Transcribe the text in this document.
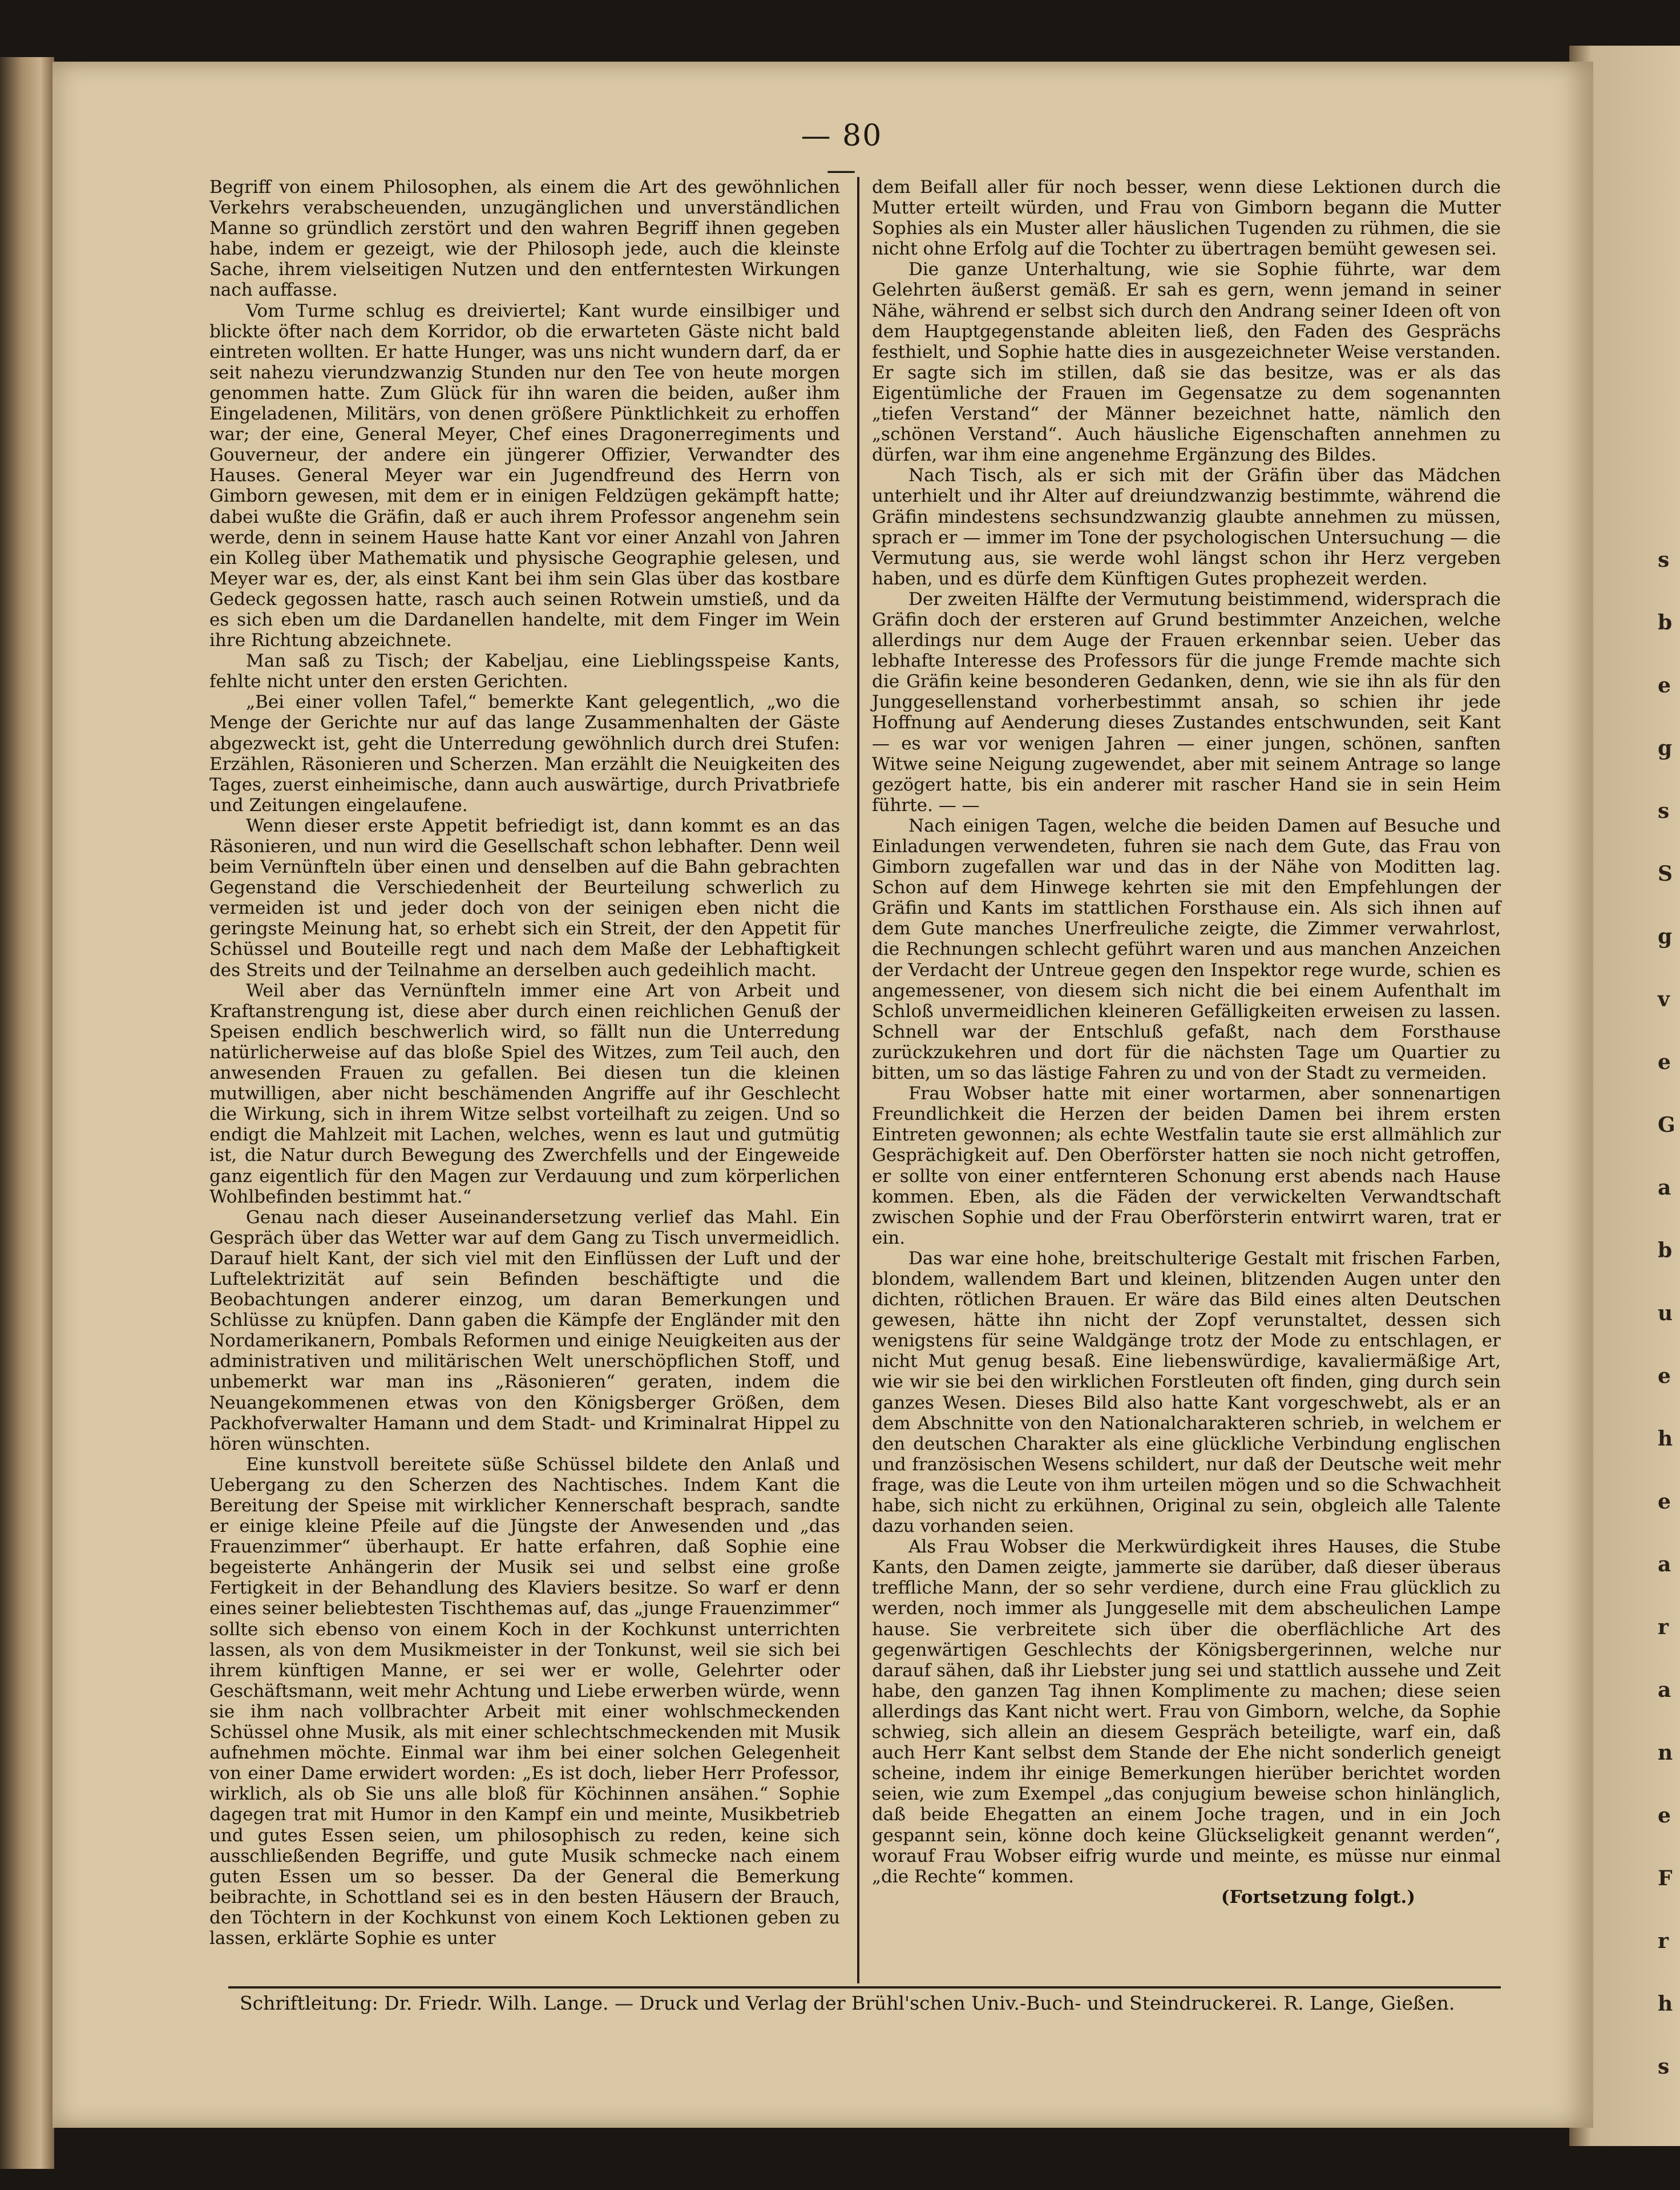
— 80 —

Begriff von einem Philosophen, als einem die Art des gewöhnlichen Verkehrs verabscheuenden, unzugänglichen und unverständlichen Manne so gründlich zerstört und den wahren Begriff ihnen gegeben habe, indem er gezeigt, wie der Philosoph jede, auch die kleinste Sache, ihrem vielseitigen Nutzen und den entferntesten Wirkungen nach auffasse.

Vom Turme schlug es dreiviertel; Kant wurde einsilbiger und blickte öfter nach dem Korridor, ob die erwarteten Gäste nicht bald eintreten wollten. Er hatte Hunger, was uns nicht wundern darf, da er seit nahezu vierundzwanzig Stunden nur den Tee von heute morgen genommen hatte. Zum Glück für ihn waren die beiden, außer ihm Eingeladenen, Militärs, von denen größere Pünktlichkeit zu erhoffen war; der eine, General Meyer, Chef eines Dragonerregiments und Gouverneur, der andere ein jüngerer Offizier, Verwandter des Hauses. General Meyer war ein Jugendfreund des Herrn von Gimborn gewesen, mit dem er in einigen Feldzügen gekämpft hatte; dabei wußte die Gräfin, daß er auch ihrem Professor angenehm sein werde, denn in seinem Hause hatte Kant vor einer Anzahl von Jahren ein Kolleg über Mathematik und physische Geographie gelesen, und Meyer war es, der, als einst Kant bei ihm sein Glas über das kostbare Gedeck gegossen hatte, rasch auch seinen Rotwein umstieß, und da es sich eben um die Dardanellen handelte, mit dem Finger im Wein ihre Richtung abzeichnete.

Man saß zu Tisch; der Kabeljau, eine Lieblingsspeise Kants, fehlte nicht unter den ersten Gerichten.

„Bei einer vollen Tafel,“ bemerkte Kant gelegentlich, „wo die Menge der Gerichte nur auf das lange Zusammenhalten der Gäste abgezweckt ist, geht die Unterredung gewöhnlich durch drei Stufen: Erzählen, Räsonieren und Scherzen. Man erzählt die Neuigkeiten des Tages, zuerst einheimische, dann auch auswärtige, durch Privatbriefe und Zeitungen eingelaufene.

Wenn dieser erste Appetit befriedigt ist, dann kommt es an das Räsonieren, und nun wird die Gesellschaft schon lebhafter. Denn weil beim Vernünfteln über einen und denselben auf die Bahn gebrachten Gegenstand die Verschiedenheit der Beurteilung schwerlich zu vermeiden ist und jeder doch von der seinigen eben nicht die geringste Meinung hat, so erhebt sich ein Streit, der den Appetit für Schüssel und Bouteille regt und nach dem Maße der Lebhaftigkeit des Streits und der Teilnahme an derselben auch gedeihlich macht.

Weil aber das Vernünfteln immer eine Art von Arbeit und Kraftanstrengung ist, diese aber durch einen reichlichen Genuß der Speisen endlich beschwerlich wird, so fällt nun die Unterredung natürlicherweise auf das bloße Spiel des Witzes, zum Teil auch, den anwesenden Frauen zu gefallen. Bei diesen tun die kleinen mutwilligen, aber nicht beschämenden Angriffe auf ihr Geschlecht die Wirkung, sich in ihrem Witze selbst vorteilhaft zu zeigen. Und so endigt die Mahlzeit mit Lachen, welches, wenn es laut und gutmütig ist, die Natur durch Bewegung des Zwerchfells und der Eingeweide ganz eigentlich für den Magen zur Verdauung und zum körperlichen Wohlbefinden bestimmt hat.“

Genau nach dieser Auseinandersetzung verlief das Mahl. Ein Gespräch über das Wetter war auf dem Gang zu Tisch unvermeidlich. Darauf hielt Kant, der sich viel mit den Einflüssen der Luft und der Luftelektrizität auf sein Befinden beschäftigte und die Beobachtungen anderer einzog, um daran Bemerkungen und Schlüsse zu knüpfen. Dann gaben die Kämpfe der Engländer mit den Nordamerikanern, Pombals Reformen und einige Neuigkeiten aus der administrativen und militärischen Welt unerschöpflichen Stoff, und unbemerkt war man ins „Räsonieren“ geraten, indem die Neuangekommenen etwas von den Königsberger Größen, dem Packhofverwalter Hamann und dem Stadt- und Kriminalrat Hippel zu hören wünschten.

Eine kunstvoll bereitete süße Schüssel bildete den Anlaß und Uebergang zu den Scherzen des Nachtisches. Indem Kant die Bereitung der Speise mit wirklicher Kennerschaft besprach, sandte er einige kleine Pfeile auf die Jüngste der Anwesenden und „das Frauenzimmer“ überhaupt. Er hatte erfahren, daß Sophie eine begeisterte Anhängerin der Musik sei und selbst eine große Fertigkeit in der Behandlung des Klaviers besitze. So warf er denn eines seiner beliebtesten Tischthemas auf, das „junge Frauenzimmer“ sollte sich ebenso von einem Koch in der Kochkunst unterrichten lassen, als von dem Musikmeister in der Tonkunst, weil sie sich bei ihrem künftigen Manne, er sei wer er wolle, Gelehrter oder Geschäftsmann, weit mehr Achtung und Liebe erwerben würde, wenn sie ihm nach vollbrachter Arbeit mit einer wohlschmeckenden Schüssel ohne Musik, als mit einer schlechtschmeckenden mit Musik aufnehmen möchte. Einmal war ihm bei einer solchen Gelegenheit von einer Dame erwidert worden: „Es ist doch, lieber Herr Professor, wirklich, als ob Sie uns alle bloß für Köchinnen ansähen.“ Sophie dagegen trat mit Humor in den Kampf ein und meinte, Musikbetrieb und gutes Essen seien, um philosophisch zu reden, keine sich ausschließenden Begriffe, und gute Musik schmecke nach einem guten Essen um so besser. Da der General die Bemerkung beibrachte, in Schottland sei es in den besten Häusern der Brauch, den Töchtern in der Kochkunst von einem Koch Lektionen geben zu lassen, erklärte Sophie es unter

dem Beifall aller für noch besser, wenn diese Lektionen durch die Mutter erteilt würden, und Frau von Gimborn begann die Mutter Sophies als ein Muster aller häuslichen Tugenden zu rühmen, die sie nicht ohne Erfolg auf die Tochter zu übertragen bemüht gewesen sei.

Die ganze Unterhaltung, wie sie Sophie führte, war dem Gelehrten äußerst gemäß. Er sah es gern, wenn jemand in seiner Nähe, während er selbst sich durch den Andrang seiner Ideen oft von dem Hauptgegenstande ableiten ließ, den Faden des Gesprächs festhielt, und Sophie hatte dies in ausgezeichneter Weise verstanden. Er sagte sich im stillen, daß sie das besitze, was er als das Eigentümliche der Frauen im Gegensatze zu dem sogenannten „tiefen Verstand“ der Männer bezeichnet hatte, nämlich den „schönen Verstand“. Auch häusliche Eigenschaften annehmen zu dürfen, war ihm eine angenehme Ergänzung des Bildes.

Nach Tisch, als er sich mit der Gräfin über das Mädchen unterhielt und ihr Alter auf dreiundzwanzig bestimmte, während die Gräfin mindestens sechsundzwanzig glaubte annehmen zu müssen, sprach er — immer im Tone der psychologischen Untersuchung — die Vermutung aus, sie werde wohl längst schon ihr Herz vergeben haben, und es dürfe dem Künftigen Gutes prophezeit werden.

Der zweiten Hälfte der Vermutung beistimmend, widersprach die Gräfin doch der ersteren auf Grund bestimmter Anzeichen, welche allerdings nur dem Auge der Frauen erkennbar seien. Ueber das lebhafte Interesse des Professors für die junge Fremde machte sich die Gräfin keine besonderen Gedanken, denn, wie sie ihn als für den Junggesellenstand vorherbestimmt ansah, so schien ihr jede Hoffnung auf Aenderung dieses Zustandes entschwunden, seit Kant — es war vor wenigen Jahren — einer jungen, schönen, sanften Witwe seine Neigung zugewendet, aber mit seinem Antrage so lange gezögert hatte, bis ein anderer mit rascher Hand sie in sein Heim führte. — —

Nach einigen Tagen, welche die beiden Damen auf Besuche und Einladungen verwendeten, fuhren sie nach dem Gute, das Frau von Gimborn zugefallen war und das in der Nähe von Moditten lag. Schon auf dem Hinwege kehrten sie mit den Empfehlungen der Gräfin und Kants im stattlichen Forsthause ein. Als sich ihnen auf dem Gute manches Unerfreuliche zeigte, die Zimmer verwahrlost, die Rechnungen schlecht geführt waren und aus manchen Anzeichen der Verdacht der Untreue gegen den Inspektor rege wurde, schien es angemessener, von diesem sich nicht die bei einem Aufenthalt im Schloß unvermeidlichen kleineren Gefälligkeiten erweisen zu lassen. Schnell war der Entschluß gefaßt, nach dem Forsthause zurückzukehren und dort für die nächsten Tage um Quartier zu bitten, um so das lästige Fahren zu und von der Stadt zu vermeiden.

Frau Wobser hatte mit einer wortarmen, aber sonnenartigen Freundlichkeit die Herzen der beiden Damen bei ihrem ersten Eintreten gewonnen; als echte Westfalin taute sie erst allmählich zur Gesprächigkeit auf. Den Oberförster hatten sie noch nicht getroffen, er sollte von einer entfernteren Schonung erst abends nach Hause kommen. Eben, als die Fäden der verwickelten Verwandtschaft zwischen Sophie und der Frau Oberförsterin entwirrt waren, trat er ein.

Das war eine hohe, breitschulterige Gestalt mit frischen Farben, blondem, wallendem Bart und kleinen, blitzenden Augen unter den dichten, rötlichen Brauen. Er wäre das Bild eines alten Deutschen gewesen, hätte ihn nicht der Zopf verunstaltet, dessen sich wenigstens für seine Waldgänge trotz der Mode zu entschlagen, er nicht Mut genug besaß. Eine liebenswürdige, kavaliermäßige Art, wie wir sie bei den wirklichen Forstleuten oft finden, ging durch sein ganzes Wesen. Dieses Bild also hatte Kant vorgeschwebt, als er an dem Abschnitte von den Nationalcharakteren schrieb, in welchem er den deutschen Charakter als eine glückliche Verbindung englischen und französischen Wesens schildert, nur daß der Deutsche weit mehr frage, was die Leute von ihm urteilen mögen und so die Schwachheit habe, sich nicht zu erkühnen, Original zu sein, obgleich alle Talente dazu vorhanden seien.

Als Frau Wobser die Merkwürdigkeit ihres Hauses, die Stube Kants, den Damen zeigte, jammerte sie darüber, daß dieser überaus treffliche Mann, der so sehr verdiene, durch eine Frau glücklich zu werden, noch immer als Junggeselle mit dem abscheulichen Lampe hause. Sie verbreitete sich über die oberflächliche Art des gegenwärtigen Geschlechts der Königsbergerinnen, welche nur darauf sähen, daß ihr Liebster jung sei und stattlich aussehe und Zeit habe, den ganzen Tag ihnen Komplimente zu machen; diese seien allerdings das Kant nicht wert. Frau von Gimborn, welche, da Sophie schwieg, sich allein an diesem Gespräch beteiligte, warf ein, daß auch Herr Kant selbst dem Stande der Ehe nicht sonderlich geneigt scheine, indem ihr einige Bemerkungen hierüber berichtet worden seien, wie zum Exempel „das conjugium beweise schon hinlänglich, daß beide Ehegatten an einem Joche tragen, und in ein Joch gespannt sein, könne doch keine Glückseligkeit genannt werden“, worauf Frau Wobser eifrig wurde und meinte, es müsse nur einmal „die Rechte“ kommen.

(Fortsetzung folgt.)

Schriftleitung: Dr. Friedr. Wilh. Lange. — Druck und Verlag der Brühl'schen Univ.-Buch- und Steindruckerei. R. Lange, Gießen.
s
b
e
g
s
S
g
v
e
G
a
b
u
e
h
e
a
r
a
n
e
F
r
h
s
